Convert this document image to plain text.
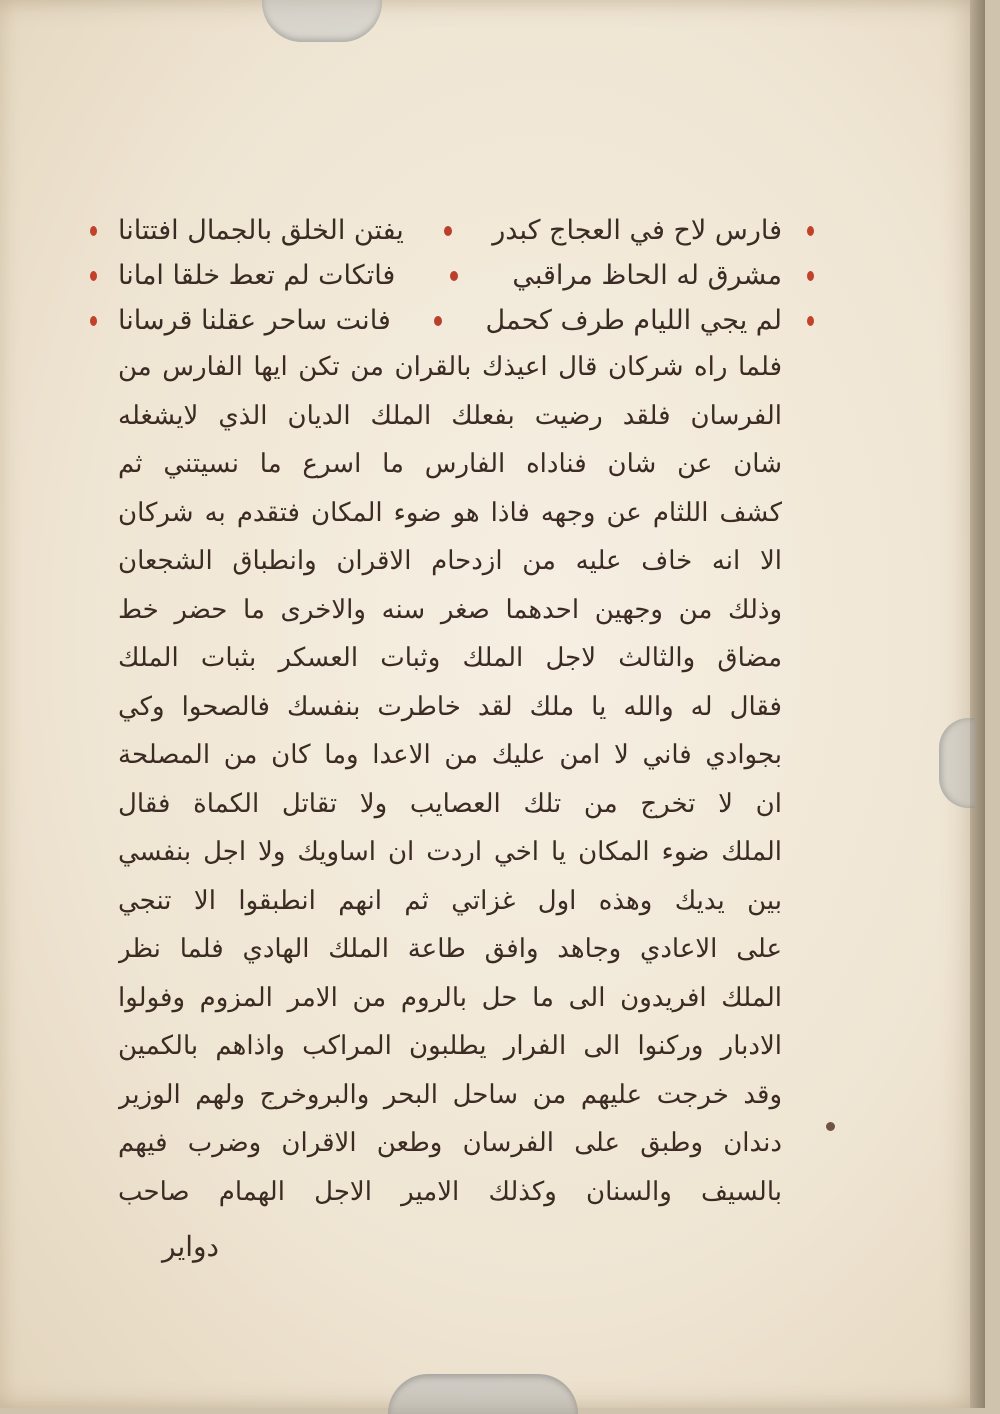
فارس لاح في العجاج كبدر
يفتن الخلق بالجمال افتتانا
مشرق له الحاظ مراقبي
فاتكات لم تعط خلقا امانا
لم يجي الليام طرف كحمل
فانت ساحر عقلنا قرسانا
فلما راه شركان قال اعيذك بالقران من تكن ايها الفارس من
الفرسان فلقد رضيت بفعلك الملك الديان الذي لايشغله
شان عن شان فناداه الفارس ما اسرع ما نسيتني ثم
كشف اللثام عن وجهه فاذا هو ضوء المكان فتقدم به شركان
الا انه خاف عليه من ازدحام الاقران وانطباق الشجعان
وذلك من وجهين احدهما صغر سنه والاخرى ما حضر خط
مضاق والثالث لاجل الملك وثبات العسكر بثبات الملك
فقال له والله يا ملك لقد خاطرت بنفسك فالصحوا وكي
بجوادي فاني لا امن عليك من الاعدا وما كان من المصلحة
ان لا تخرج من تلك العصايب ولا تقاتل الكماة فقال
الملك ضوء المكان يا اخي اردت ان اساويك ولا اجل بنفسي
بين يديك وهذه اول غزاتي ثم انهم انطبقوا الا تنجي
على الاعادي وجاهد وافق طاعة الملك الهادي فلما نظر
الملك افريدون الى ما حل بالروم من الامر المزوم وفولوا
الادبار وركنوا الى الفرار يطلبون المراكب واذاهم بالكمين
وقد خرجت عليهم من ساحل البحر والبروخرج ولهم الوزير
دندان وطبق على الفرسان وطعن الاقران وضرب فيهم
بالسيف والسنان وكذلك الامير الاجل الهمام صاحب
دواير
